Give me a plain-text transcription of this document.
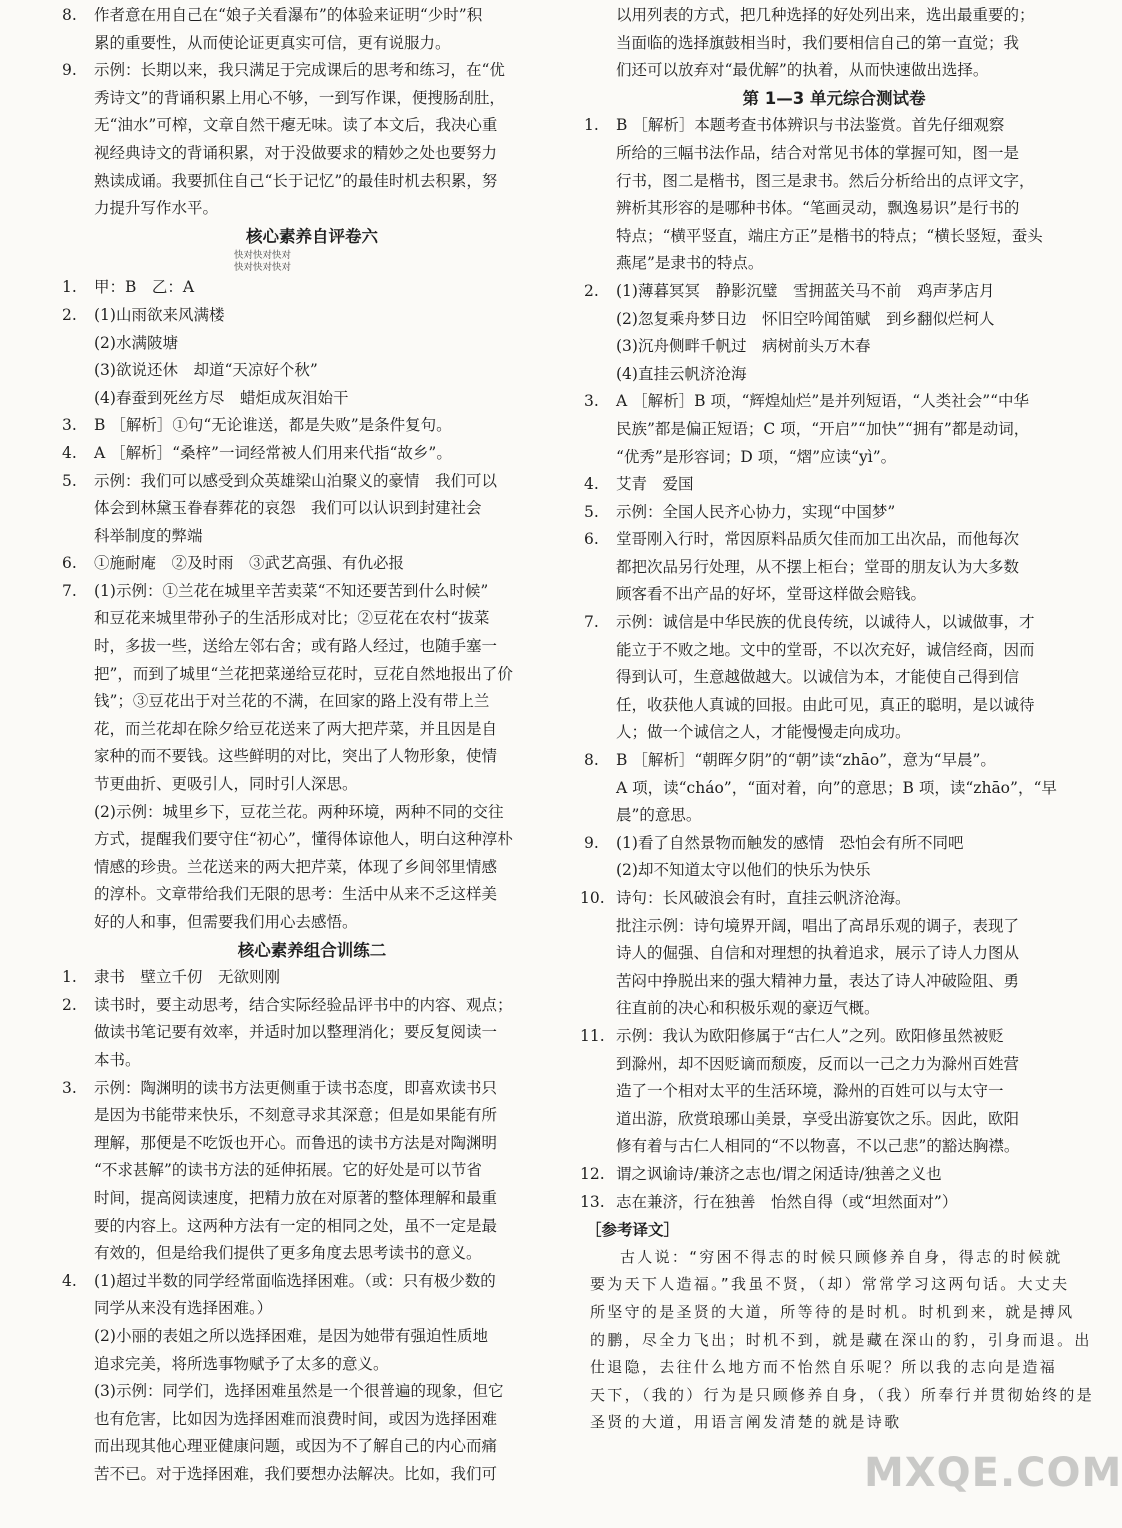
8.	作者意在用自己在“娘子关看瀑布”的体验来证明“少时”积
累的重要性，从而使论证更真实可信，更有说服力。
9.	示例：长期以来，我只满足于完成课后的思考和练习，在“优
秀诗文”的背诵积累上用心不够，一到写作课，便搜肠刮肚，
无“油水”可榨，文章自然干瘪无味。读了本文后，我决心重
视经典诗文的背诵积累，对于没做要求的精妙之处也要努力
熟读成诵。我要抓住自己“长于记忆”的最佳时机去积累，努
力提升写作水平。
核心素养自评卷六
快对快对快对
快对快对快对
1.	甲：B　乙：A
2.	(1)山雨欲来风满楼
(2)水满陂塘
(3)欲说还休　却道“天凉好个秋”
(4)春蚕到死丝方尽　蜡炬成灰泪始干
3.	B ［解析］①句“无论谁送，都是失败”是条件复句。
4.	A ［解析］“桑梓”一词经常被人们用来代指“故乡”。
5.	示例：我们可以感受到众英雄梁山泊聚义的豪情　我们可以
体会到林黛玉眷春葬花的哀怨　我们可以认识到封建社会
科举制度的弊端
6.	①施耐庵　②及时雨　③武艺高强、有仇必报
7.	(1)示例：①兰花在城里辛苦卖菜“不知还要苦到什么时候”
和豆花来城里带孙子的生活形成对比；②豆花在农村“拔菜
时，多拔一些，送给左邻右舍；或有路人经过，也随手塞一
把”，而到了城里“兰花把菜递给豆花时，豆花自然地报出了价
钱”；③豆花出于对兰花的不满，在回家的路上没有带上兰
花，而兰花却在除夕给豆花送来了两大把芹菜，并且因是自
家种的而不要钱。这些鲜明的对比，突出了人物形象，使情
节更曲折、更吸引人，同时引人深思。
(2)示例：城里乡下，豆花兰花。两种环境，两种不同的交往
方式，提醒我们要守住“初心”，懂得体谅他人，明白这种淳朴
情感的珍贵。兰花送来的两大把芹菜，体现了乡间邻里情感
的淳朴。文章带给我们无限的思考：生活中从来不乏这样美
好的人和事，但需要我们用心去感悟。
核心素养组合训练二
1.	隶书　壁立千仞　无欲则刚
2.	读书时，要主动思考，结合实际经验品评书中的内容、观点；
做读书笔记要有效率，并适时加以整理消化；要反复阅读一
本书。
3.	示例：陶渊明的读书方法更侧重于读书态度，即喜欢读书只
是因为书能带来快乐，不刻意寻求其深意；但是如果能有所
理解，那便是不吃饭也开心。而鲁迅的读书方法是对陶渊明
“不求甚解”的读书方法的延伸拓展。它的好处是可以节省
时间，提高阅读速度，把精力放在对原著的整体理解和最重
要的内容上。这两种方法有一定的相同之处，虽不一定是最
有效的，但是给我们提供了更多角度去思考读书的意义。
4.	(1)超过半数的同学经常面临选择困难。（或：只有极少数的
同学从来没有选择困难。）
(2)小丽的表姐之所以选择困难，是因为她带有强迫性质地
追求完美，将所选事物赋予了太多的意义。
(3)示例：同学们，选择困难虽然是一个很普遍的现象，但它
也有危害，比如因为选择困难而浪费时间，或因为选择困难
而出现其他心理亚健康问题，或因为不了解自己的内心而痛
苦不已。对于选择困难，我们要想办法解决。比如，我们可
以用列表的方式，把几种选择的好处列出来，选出最重要的；
当面临的选择旗鼓相当时，我们要相信自己的第一直觉；我
们还可以放弃对“最优解”的执着，从而快速做出选择。
第 1—3 单元综合测试卷
1.	B ［解析］本题考查书体辨识与书法鉴赏。首先仔细观察
所给的三幅书法作品，结合对常见书体的掌握可知，图一是
行书，图二是楷书，图三是隶书。然后分析给出的点评文字，
辨析其形容的是哪种书体。“笔画灵动，飘逸易识”是行书的
特点；“横平竖直，端庄方正”是楷书的特点；“横长竖短，蚕头
燕尾”是隶书的特点。
2.	(1)薄暮冥冥　静影沉璧　雪拥蓝关马不前　鸡声茅店月
(2)忽复乘舟梦日边　怀旧空吟闻笛赋　到乡翻似烂柯人
(3)沉舟侧畔千帆过　病树前头万木春
(4)直挂云帆济沧海
3.	A ［解析］B 项，“辉煌灿烂”是并列短语，“人类社会”“中华
民族”都是偏正短语；C 项，“开启”“加快”“拥有”都是动词，
“优秀”是形容词；D 项，“熠”应读“yì”。
4.	艾青　爱国
5.	示例：全国人民齐心协力，实现“中国梦”
6.	堂哥刚入行时，常因原料品质欠佳而加工出次品，而他每次
都把次品另行处理，从不摆上柜台；堂哥的朋友认为大多数
顾客看不出产品的好坏，堂哥这样做会赔钱。
7.	示例：诚信是中华民族的优良传统，以诚待人，以诚做事，才
能立于不败之地。文中的堂哥，不以次充好，诚信经商，因而
得到认可，生意越做越大。以诚信为本，才能使自己得到信
任，收获他人真诚的回报。由此可见，真正的聪明，是以诚待
人；做一个诚信之人，才能慢慢走向成功。
8.	B ［解析］“朝晖夕阴”的“朝”读“zhāo”，意为“早晨”。
A 项，读“cháo”，“面对着，向”的意思；B 项，读“zhāo”，“早
晨”的意思。
9.	(1)看了自然景物而触发的感情　恐怕会有所不同吧
(2)却不知道太守以他们的快乐为快乐
10. 诗句：长风破浪会有时，直挂云帆济沧海。
批注示例：诗句境界开阔，唱出了高昂乐观的调子，表现了
诗人的倔强、自信和对理想的执着追求，展示了诗人力图从
苦闷中挣脱出来的强大精神力量，表达了诗人冲破险阻、勇
往直前的决心和积极乐观的豪迈气概。
11. 示例：我认为欧阳修属于“古仁人”之列。欧阳修虽然被贬
到滁州，却不因贬谪而颓废，反而以一己之力为滁州百姓营
造了一个相对太平的生活环境，滁州的百姓可以与太守一
道出游，欣赏琅琊山美景，享受出游宴饮之乐。因此，欧阳
修有着与古仁人相同的“不以物喜，不以己悲”的豁达胸襟。
12. 谓之讽谕诗/兼济之志也/谓之闲适诗/独善之义也
13. 志在兼济，行在独善　怡然自得（或“坦然面对”）
［参考译文］
古人说：“穷困不得志的时候只顾修养自身，得志的时候就
要为天下人造福。”我虽不贤，（却）常常学习这两句话。大丈夫
所坚守的是圣贤的大道，所等待的是时机。时机到来，就是搏风
的鹏，尽全力飞出；时机不到，就是藏在深山的豹，引身而退。出
仕退隐，去往什么地方而不怡然自乐呢？所以我的志向是造福
天下，（我的）行为是只顾修养自身，（我）所奉行并贯彻始终的是
圣贤的大道，用语言阐发清楚的就是诗歌
MXQE.COM
